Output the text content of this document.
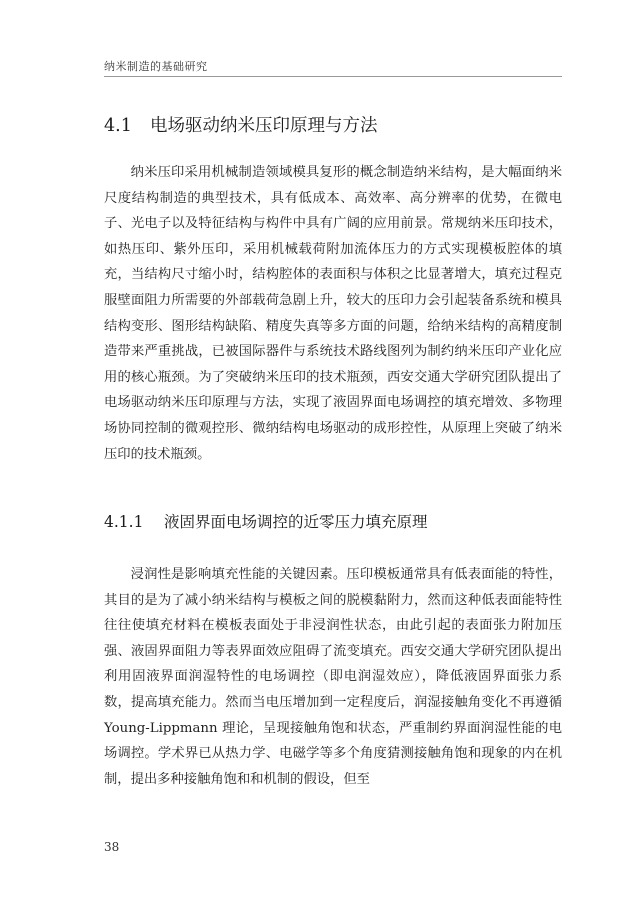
纳米制造的基础研究
4.1 电场驱动纳米压印原理与方法

纳米压印采用机械制造领域模具复形的概念制造纳米结构，是大幅面纳米尺度结构制造的典型技术，具有低成本、高效率、高分辨率的优势，在微电子、光电子以及特征结构与构件中具有广阔的应用前景。常规纳米压印技术，如热压印、紫外压印，采用机械载荷附加流体压力的方式实现模板腔体的填充，当结构尺寸缩小时，结构腔体的表面积与体积之比显著增大，填充过程克服壁面阻力所需要的外部载荷急剧上升，较大的压印力会引起装备系统和模具结构变形、图形结构缺陷、精度失真等多方面的问题，给纳米结构的高精度制造带来严重挑战，已被国际器件与系统技术路线图列为制约纳米压印产业化应用的核心瓶颈。为了突破纳米压印的技术瓶颈，西安交通大学研究团队提出了电场驱动纳米压印原理与方法，实现了液固界面电场调控的填充增效、多物理场协同控制的微观控形、微纳结构电场驱动的成形控性，从原理上突破了纳米压印的技术瓶颈。

4.1.1 液固界面电场调控的近零压力填充原理

浸润性是影响填充性能的关键因素。压印模板通常具有低表面能的特性，其目的是为了减小纳米结构与模板之间的脱模黏附力，然而这种低表面能特性往往使填充材料在模板表面处于非浸润性状态，由此引起的表面张力附加压强、液固界面阻力等表界面效应阻碍了流变填充。西安交通大学研究团队提出利用固液界面润湿特性的电场调控（即电润湿效应），降低液固界面张力系数，提高填充能力。然而当电压增加到一定程度后，润湿接触角变化不再遵循 Young-Lippmann 理论，呈现接触角饱和状态，严重制约界面润湿性能的电场调控。学术界已从热力学、电磁学等多个角度猜测接触角饱和现象的内在机制，提出多种接触角饱和和机制的假设，但至

38
